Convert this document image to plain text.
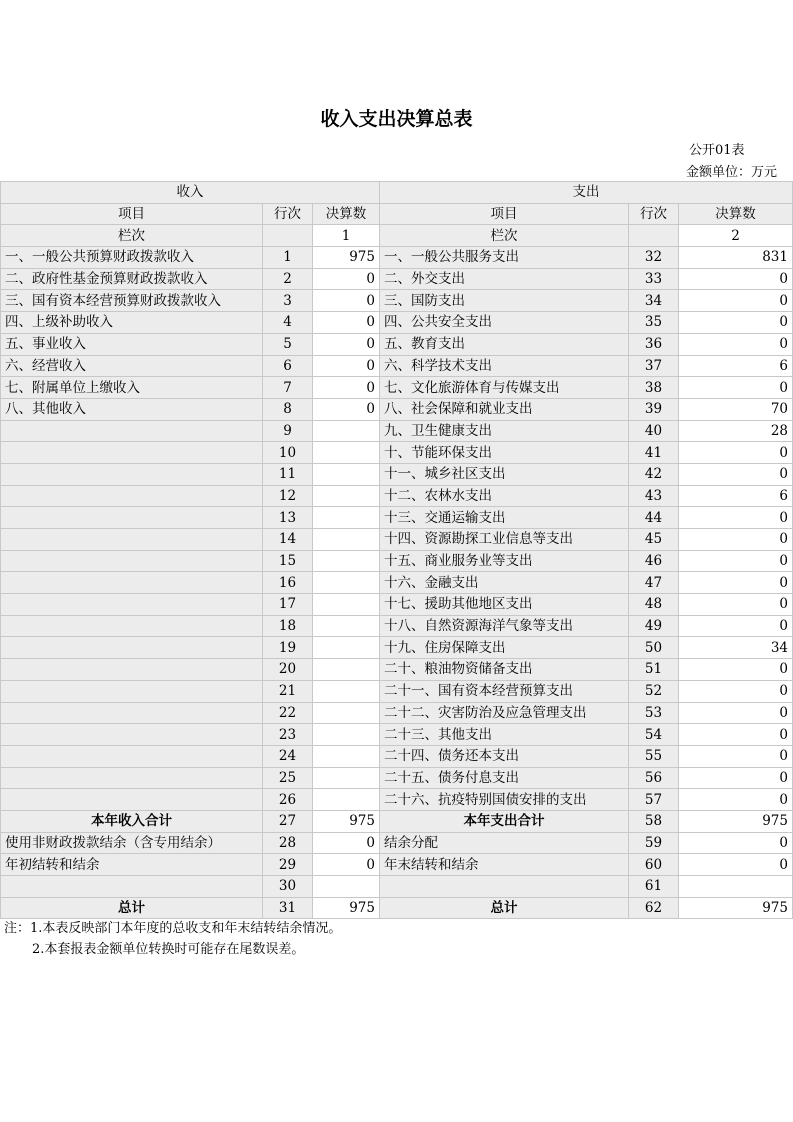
收入支出决算总表
公开01表
金额单位：万元
收入			支出		
项目	行次	决算数	项目	行次	决算数
栏次		1	栏次		2
一、一般公共预算财政拨款收入	1	975	一、一般公共服务支出	32	831
二、政府性基金预算财政拨款收入	2	0	二、外交支出	33	0
三、国有资本经营预算财政拨款收入	3	0	三、国防支出	34	0
四、上级补助收入	4	0	四、公共安全支出	35	0
五、事业收入	5	0	五、教育支出	36	0
六、经营收入	6	0	六、科学技术支出	37	6
七、附属单位上缴收入	7	0	七、文化旅游体育与传媒支出	38	0
八、其他收入	8	0	八、社会保障和就业支出	39	70
	9		九、卫生健康支出	40	28
	10		十、节能环保支出	41	0
	11		十一、城乡社区支出	42	0
	12		十二、农林水支出	43	6
	13		十三、交通运输支出	44	0
	14		十四、资源勘探工业信息等支出	45	0
	15		十五、商业服务业等支出	46	0
	16		十六、金融支出	47	0
	17		十七、援助其他地区支出	48	0
	18		十八、自然资源海洋气象等支出	49	0
	19		十九、住房保障支出	50	34
	20		二十、粮油物资储备支出	51	0
	21		二十一、国有资本经营预算支出	52	0
	22		二十二、灾害防治及应急管理支出	53	0
	23		二十三、其他支出	54	0
	24		二十四、债务还本支出	55	0
	25		二十五、债务付息支出	56	0
	26		二十六、抗疫特别国债安排的支出	57	0
本年收入合计	27	975	本年支出合计	58	975
使用非财政拨款结余（含专用结余）	28	0	结余分配	59	0
年初结转和结余	29	0	年末结转和结余	60	0
	30			61	
总计	31	975	总计	62	975
注：1.本表反映部门本年度的总收支和年末结转结余情况。
2.本套报表金额单位转换时可能存在尾数误差。
